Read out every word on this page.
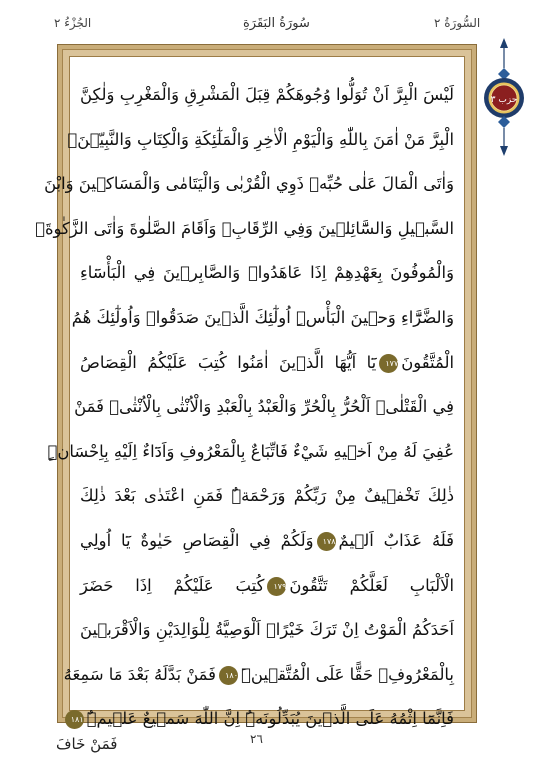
الجُزْءُ ٢	سُورَةُ البَقَرَةِ	السُّورَةُ ٢
لَيْسَ الْبِرَّ اَنْ تُوَلُّوا وُجُوهَكُمْ قِبَلَ الْمَشْرِقِ وَالْمَغْرِبِ وَلٰكِنَّ
الْبِرَّ مَنْ اٰمَنَ بِاللّٰهِ وَالْيَوْمِ الْاٰخِرِ وَالْمَلٰٓئِكَةِ وَالْكِتَابِ وَالنَّبِيّٖنَۚ
وَاٰتَى الْمَالَ عَلٰى حُبِّهٖ ذَوِي الْقُرْبٰى وَالْيَتَامٰى وَالْمَسَاكٖينَ وَابْنَ
السَّبٖيلِ وَالسَّٓائِلٖينَ وَفِي الرِّقَابِۚ وَاَقَامَ الصَّلٰوةَ وَاٰتَى الزَّكٰوةَۚ
وَالْمُوفُونَ بِعَهْدِهِمْ اِذَا عَاهَدُواۚ وَالصَّابِرٖينَ فِي الْبَأْسَٓاءِ
وَالضَّرَّٓاءِ وَحٖينَ الْبَأْسِۜ اُولٰٓئِكَ الَّذٖينَ صَدَقُواۜ وَاُولٰٓئِكَ هُمُ
الْمُتَّقُونَ١٧٧يَٓا اَيُّهَا الَّذٖينَ اٰمَنُوا كُتِبَ عَلَيْكُمُ الْقِصَاصُ
فِي الْقَتْلٰىۜ اَلْحُرُّ بِالْحُرِّ وَالْعَبْدُ بِالْعَبْدِ وَالْاُنْثٰى بِالْاُنْثٰىۜ فَمَنْ
عُفِيَ لَهُ مِنْ اَخٖيهِ شَيْءٌ فَاتِّبَاعٌ بِالْمَعْرُوفِ وَاَدَٓاءٌ اِلَيْهِ بِاِحْسَانٍۜ
ذٰلِكَ تَخْفٖيفٌ مِنْ رَبِّكُمْ وَرَحْمَةٌۜ فَمَنِ اعْتَدٰى بَعْدَ ذٰلِكَ
فَلَهُ عَذَابٌ اَلٖيمٌ١٧٨وَلَكُمْ فِي الْقِصَاصِ حَيٰوةٌ يَٓا اُولِي
الْاَلْبَابِ لَعَلَّكُمْ تَتَّقُونَ١٧٩كُتِبَ عَلَيْكُمْ اِذَا حَضَرَ
اَحَدَكُمُ الْمَوْتُ اِنْ تَرَكَ خَيْرًاۚ اَلْوَصِيَّةُ لِلْوَالِدَيْنِ وَالْاَقْرَبٖينَ
بِالْمَعْرُوفِۚ حَقًّا عَلَى الْمُتَّقٖينَۜ١٨٠فَمَنْ بَدَّلَهُ بَعْدَ مَا سَمِعَهُ
فَاِنَّمَٓا اِثْمُهُ عَلَى الَّذٖينَ يُبَدِّلُونَهُۜ اِنَّ اللّٰهَ سَمٖيعٌ عَلٖيمٌۜ١٨١
حزب ٣
٢٦
فَمَنْ خَافَ
